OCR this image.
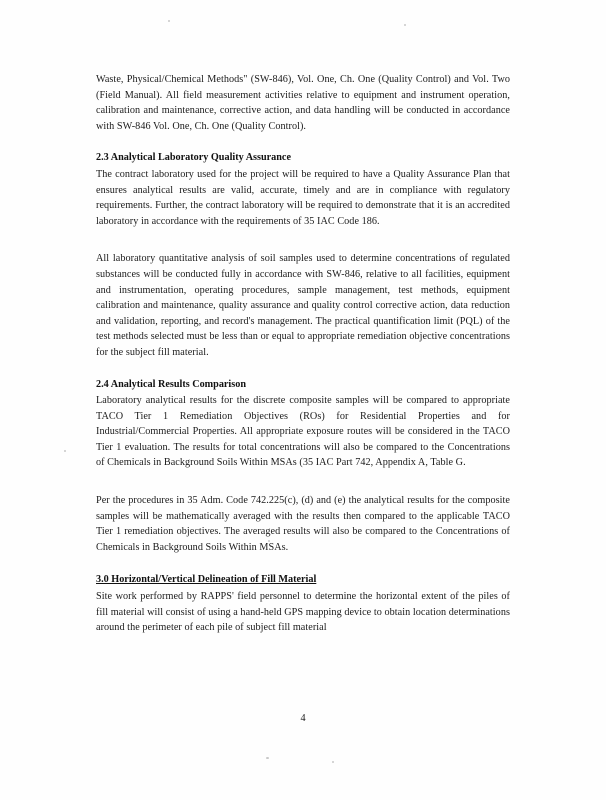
Waste, Physical/Chemical Methods" (SW-846), Vol. One, Ch. One (Quality Control) and Vol. Two (Field Manual). All field measurement activities relative to equipment and instrument operation, calibration and maintenance, corrective action, and data handling will be conducted in accordance with SW-846 Vol. One, Ch. One (Quality Control).

2.3 Analytical Laboratory Quality Assurance

The contract laboratory used for the project will be required to have a Quality Assurance Plan that ensures analytical results are valid, accurate, timely and are in compliance with regulatory requirements. Further, the contract laboratory will be required to demonstrate that it is an accredited laboratory in accordance with the requirements of 35 IAC Code 186.

All laboratory quantitative analysis of soil samples used to determine concentrations of regulated substances will be conducted fully in accordance with SW-846, relative to all facilities, equipment and instrumentation, operating procedures, sample management, test methods, equipment calibration and maintenance, quality assurance and quality control corrective action, data reduction and validation, reporting, and record's management. The practical quantification limit (PQL) of the test methods selected must be less than or equal to appropriate remediation objective concentrations for the subject fill material.

2.4 Analytical Results Comparison

Laboratory analytical results for the discrete composite samples will be compared to appropriate TACO Tier 1 Remediation Objectives (ROs) for Residential Properties and for Industrial/Commercial Properties. All appropriate exposure routes will be considered in the TACO Tier 1 evaluation. The results for total concentrations will also be compared to the Concentrations of Chemicals in Background Soils Within MSAs (35 IAC Part 742, Appendix A, Table G.

Per the procedures in 35 Adm. Code 742.225(c), (d) and (e) the analytical results for the composite samples will be mathematically averaged with the results then compared to the applicable TACO Tier 1 remediation objectives. The averaged results will also be compared to the Concentrations of Chemicals in Background Soils Within MSAs.

3.0 Horizontal/Vertical Delineation of Fill Material

Site work performed by RAPPS' field personnel to determine the horizontal extent of the piles of fill material will consist of using a hand-held GPS mapping device to obtain location determinations around the perimeter of each pile of subject fill material

4
